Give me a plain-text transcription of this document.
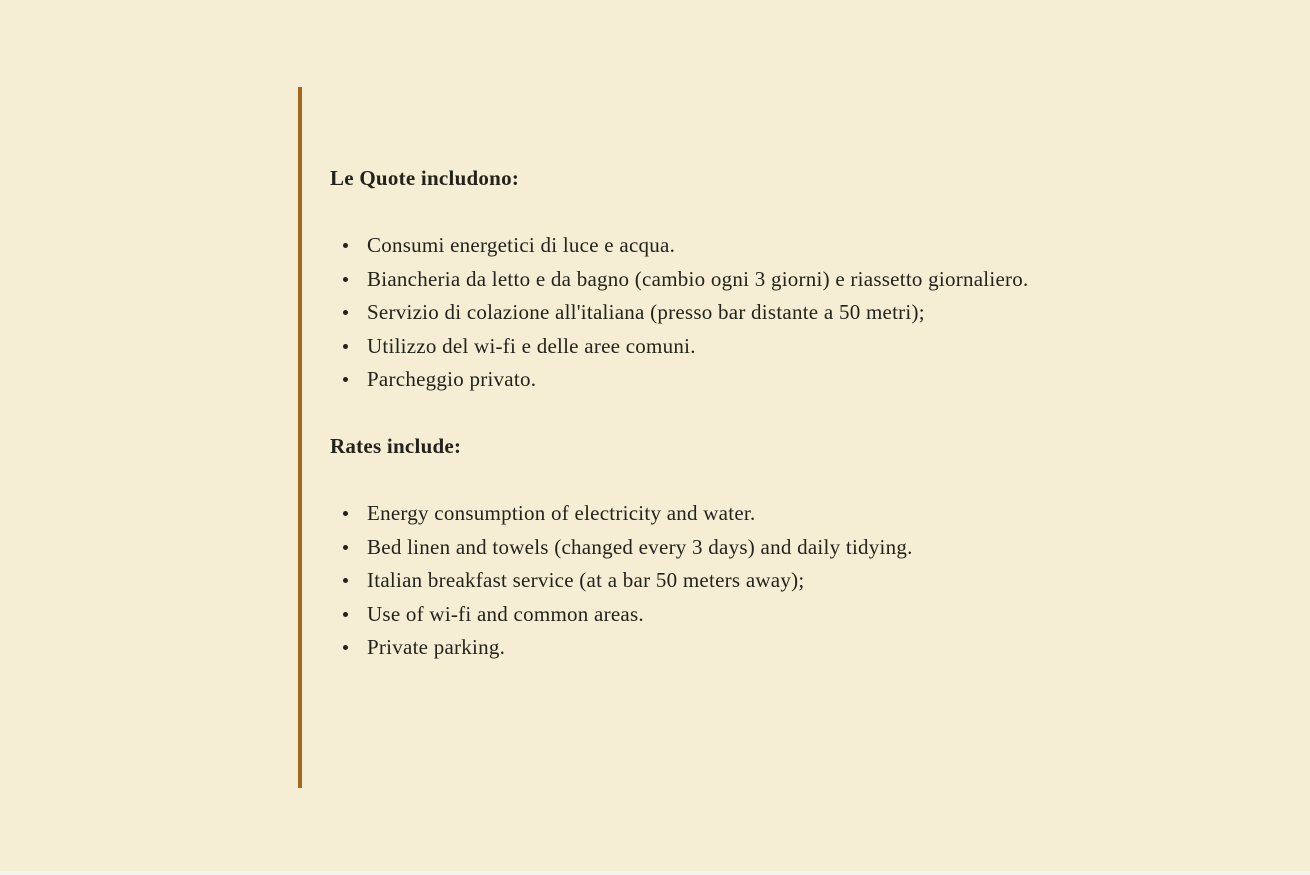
Le Quote includono:

Consumi energetici di luce e acqua.
Biancheria da letto e da bagno (cambio ogni 3 giorni) e riassetto giornaliero.
Servizio di colazione all'italiana (presso bar distante a 50 metri);
Utilizzo del wi-fi e delle aree comuni.
Parcheggio privato.

Rates include:

Energy consumption of electricity and water.
Bed linen and towels (changed every 3 days) and daily tidying.
Italian breakfast service (at a bar 50 meters away);
Use of wi-fi and common areas.
Private parking.
